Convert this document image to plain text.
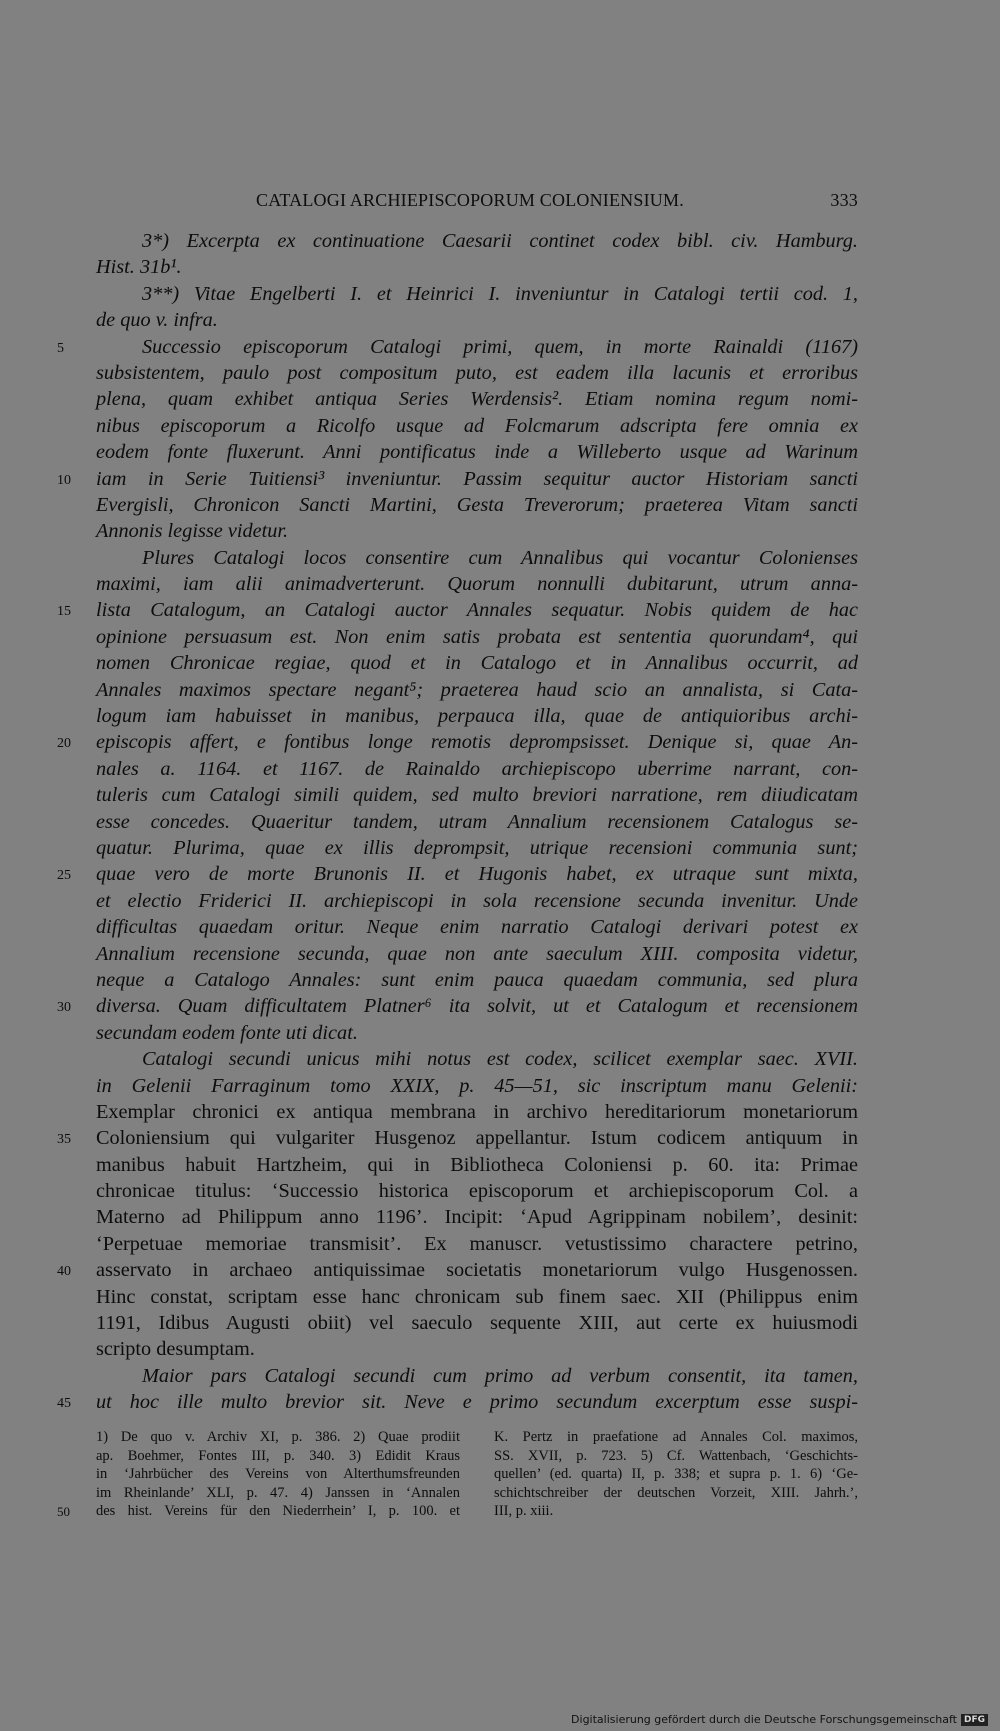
CATALOGI ARCHIEPISCOPORUM COLONIENSIUM.	333
3*) Excerpta ex continuatione Caesarii continet codex bibl. civ. Hamburg.
Hist. 31b¹.
3**) Vitae Engelberti I. et Heinrici I. inveniuntur in Catalogi tertii cod. 1,
de quo v. infra.
5	Successio episcoporum Catalogi primi, quem, in morte Rainaldi (1167)
subsistentem, paulo post compositum puto, est eadem illa lacunis et erroribus
plena, quam exhibet antiqua Series Werdensis². Etiam nomina regum nomi-
nibus episcoporum a Ricolfo usque ad Folcmarum adscripta fere omnia ex
eodem fonte fluxerunt. Anni pontificatus inde a Willeberto usque ad Warinum
10	iam in Serie Tuitiensi³ inveniuntur. Passim sequitur auctor Historiam sancti
Evergisli, Chronicon Sancti Martini, Gesta Treverorum; praeterea Vitam sancti
Annonis legisse videtur.
Plures Catalogi locos consentire cum Annalibus qui vocantur Colonienses
maximi, iam alii animadverterunt. Quorum nonnulli dubitarunt, utrum anna-
15	lista Catalogum, an Catalogi auctor Annales sequatur. Nobis quidem de hac
opinione persuasum est. Non enim satis probata est sententia quorundam⁴, qui
nomen Chronicae regiae, quod et in Catalogo et in Annalibus occurrit, ad
Annales maximos spectare negant⁵; praeterea haud scio an annalista, si Cata-
logum iam habuisset in manibus, perpauca illa, quae de antiquioribus archi-
20	episcopis affert, e fontibus longe remotis deprompsisset. Denique si, quae An-
nales a. 1164. et 1167. de Rainaldo archiepiscopo uberrime narrant, con-
tuleris cum Catalogi simili quidem, sed multo breviori narratione, rem diiudicatam
esse concedes. Quaeritur tandem, utram Annalium recensionem Catalogus se-
quatur. Plurima, quae ex illis deprompsit, utrique recensioni communia sunt;
25	quae vero de morte Brunonis II. et Hugonis habet, ex utraque sunt mixta,
et electio Friderici II. archiepiscopi in sola recensione secunda invenitur. Unde
difficultas quaedam oritur. Neque enim narratio Catalogi derivari potest ex
Annalium recensione secunda, quae non ante saeculum XIII. composita videtur,
neque a Catalogo Annales: sunt enim pauca quaedam communia, sed plura
30	diversa. Quam difficultatem Platner⁶ ita solvit, ut et Catalogum et recensionem
secundam eodem fonte uti dicat.
Catalogi secundi unicus mihi notus est codex, scilicet exemplar saec. XVII.
in Gelenii Farraginum tomo XXIX, p. 45—51, sic inscriptum manu Gelenii:
Exemplar chronici ex antiqua membrana in archivo hereditariorum monetariorum
35	Coloniensium qui vulgariter Husgenoz appellantur. Istum codicem antiquum in
manibus habuit Hartzheim, qui in Bibliotheca Coloniensi p. 60. ita: Primae
chronicae titulus: ‘Successio historica episcoporum et archiepiscoporum Col. a
Materno ad Philippum anno 1196’. Incipit: ‘Apud Agrippinam nobilem’, desinit:
‘Perpetuae memoriae transmisit’. Ex manuscr. vetustissimo charactere petrino,
40	asservato in archaeo antiquissimae societatis monetariorum vulgo Husgenossen.
Hinc constat, scriptam esse hanc chronicam sub finem saec. XII (Philippus enim
1191, Idibus Augusti obiit) vel saeculo sequente XIII, aut certe ex huiusmodi
scripto desumptam.
Maior pars Catalogi secundi cum primo ad verbum consentit, ita tamen,
45	ut hoc ille multo brevior sit. Neve e primo secundum excerptum esse suspi-
1) De quo v. Archiv XI, p. 386. 2) Quae prodiit
ap. Boehmer, Fontes III, p. 340. 3) Edidit Kraus
in ‘Jahrbücher des Vereins von Alterthumsfreunden
im Rheinlande’ XLI, p. 47. 4) Janssen in ‘Annalen
50	des hist. Vereins für den Niederrhein’ I, p. 100. et
K. Pertz in praefatione ad Annales Col. maximos,
SS. XVII, p. 723. 5) Cf. Wattenbach, ‘Geschichts-
quellen’ (ed. quarta) II, p. 338; et supra p. 1. 6) ‘Ge-
schichtschreiber der deutschen Vorzeit, XIII. Jahrh.’,
III, p. xiii.
Digitalisierung gefördert durch die Deutsche Forschungsgemeinschaft DFG
